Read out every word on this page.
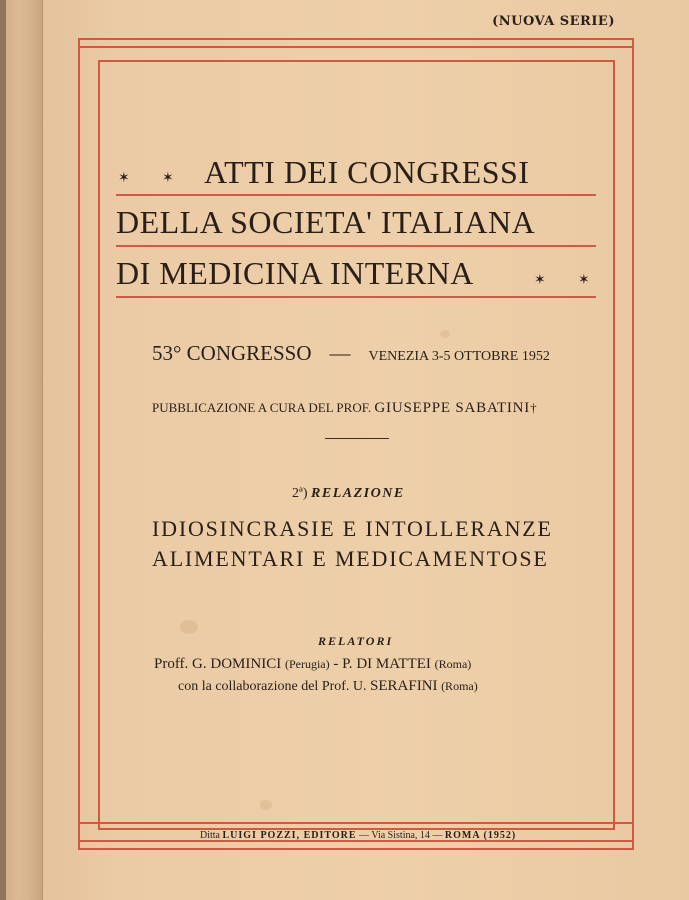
(NUOVA SERIE)
✶ ✶ ATTI DEI CONGRESSI
DELLA SOCIETA' ITALIANA
DI MEDICINA INTERNA	✶ ✶
53° CONGRESSO — VENEZIA 3-5 OTTOBRE 1952
PUBBLICAZIONE A CURA DEL PROF. GIUSEPPE SABATINI†
2ª) RELAZIONE
IDIOSINCRASIE E INTOLLERANZE
ALIMENTARI E MEDICAMENTOSE
RELATORI
Proff. G. DOMINICI (Perugia) - P. DI MATTEI (Roma)
con la collaborazione del Prof. U. SERAFINI (Roma)
Ditta LUIGI POZZI, EDITORE — Via Sistina, 14 — ROMA (1952)
